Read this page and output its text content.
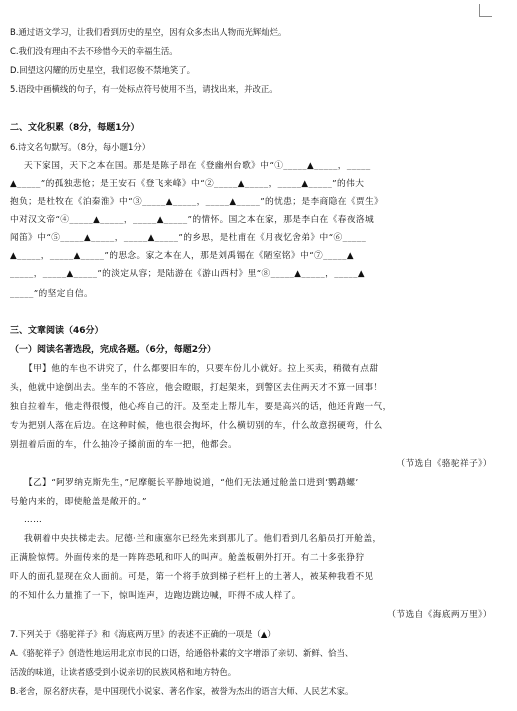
B.通过语文学习，让我们看到历史的星空，因有众多杰出人物而光辉灿烂。
C.我们没有理由不去不珍惜今天的幸福生活。
D.回望这闪耀的历史星空，我们忍俊不禁地笑了。
5.语段中画横线的句子，有一处标点符号使用不当，请找出来，并改正。
二、文化积累（8分，每题1分）
6.诗文名句默写。（8分，每小题1分）
天下家国，天下之本在国。那是是陈子昂在《登幽州台歌》中“①_____▲_____，_____
▲_____”的孤独悲怆；是王安石《登飞来峰》中“②_____▲_____，_____▲_____”的伟大
抱负；是杜牧在《泊秦淮》中“③_____▲_____，_____▲_____”的忧患；是李商隐在《贾生》
中对汉文帝“④_____▲_____，_____▲_____”的情怀。国之本在家，那是李白在《春夜洛城
闻笛》中“⑤_____▲_____，_____▲_____”的乡思，是杜甫在《月夜忆舍弟》中“⑥_____
▲_____，_____▲_____”的思念。家之本在人，那是刘禹锡在《陋室铭》中“⑦_____▲
_____，_____▲_____”的淡定从容；是陆游在《游山西村》里“⑧_____▲_____，_____▲
_____”的坚定自信。
三、文章阅读（46分）
（一）阅读名著选段，完成各题。（6分，每题2分）
【甲】他的车也不讲究了，什么都要旧车的，只要车份儿小就好。拉上买卖，稍微有点甜
头，他就中途倒出去。坐车的不答应，他会瞪眼，打起架来，到警区去住两天才不算一回事！
独自拉着车，他走得很慢，他心疼自己的汗。及至走上帮儿车，要是高兴的话，他还肯跑一气，
专为把别人落在后边。在这种时候，他也很会掏坏，什么横切别的车，什么故意拐硬弯，什么
别扭着后面的车，什么抽冷子搡前面的车一把，他都会。
（节选自《骆驼祥子》）
【乙】“阿罗纳克斯先生，”尼摩艇长平静地说道，“他们无法通过舱盖口进到‘鹦鹉螺’
号舱内来的，即使舱盖是敞开的。”
……
我朝着中央扶梯走去。尼德·兰和康塞尔已经先来到那儿了。他们看到几名船员打开舱盖，
正满脸惊愕。外面传来的是一阵阵恐吼和吓人的叫声。舱盖板朝外打开。有二十多张狰狞
吓人的面孔显现在众人面前。可是，第一个将手放到梯子栏杆上的土著人，被某种我看不见
的不知什么力量推了一下，惊叫连声，边跑边跳边喊，吓得不成人样了。
（节选自《海底两万里》）
7.下列关于《骆驼祥子》和《海底两万里》的表述不正确的一项是（▲）
A.《骆驼祥子》创造性地运用北京市民的口语，给通俗朴素的文字增添了亲切、新鲜、恰当、
活泼的味道，让读者感受到小说亲切的民族风格和地方特色。
B.老舍，原名舒庆春，是中国现代小说家、著名作家，被誉为杰出的语言大师、人民艺术家。
